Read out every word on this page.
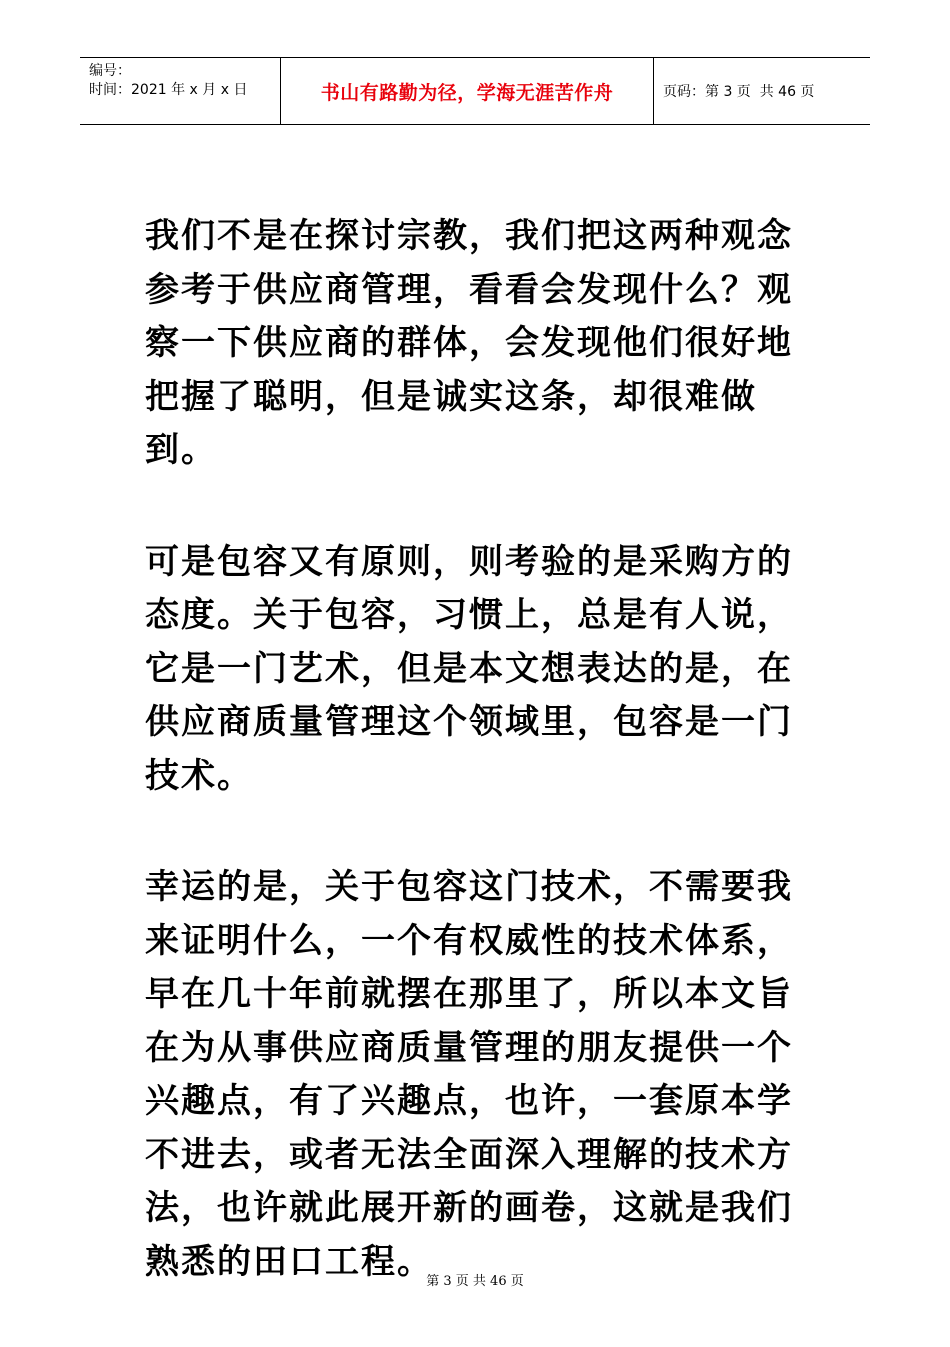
编号：
时间：2021 年 x 月 x 日	书山有路勤为径，学海无涯苦作舟	页码：第 3 页  共 46 页

我们不是在探讨宗教，我们把这两种观念参考于供应商管理，看看会发现什么？观察一下供应商的群体，会发现他们很好地把握了聪明，但是诚实这条，却很难做到。

可是包容又有原则，则考验的是采购方的态度。关于包容，习惯上，总是有人说，它是一门艺术，但是本文想表达的是，在供应商质量管理这个领域里，包容是一门技术。

幸运的是，关于包容这门技术，不需要我来证明什么，一个有权威性的技术体系，早在几十年前就摆在那里了，所以本文旨在为从事供应商质量管理的朋友提供一个  兴趣点，有了兴趣点，也许，一套原本学不进去，或者无法全面深入理解的技术方法，也许就此展开新的画卷，这就是我们熟悉的田口工程。

第 3 页 共 46 页
